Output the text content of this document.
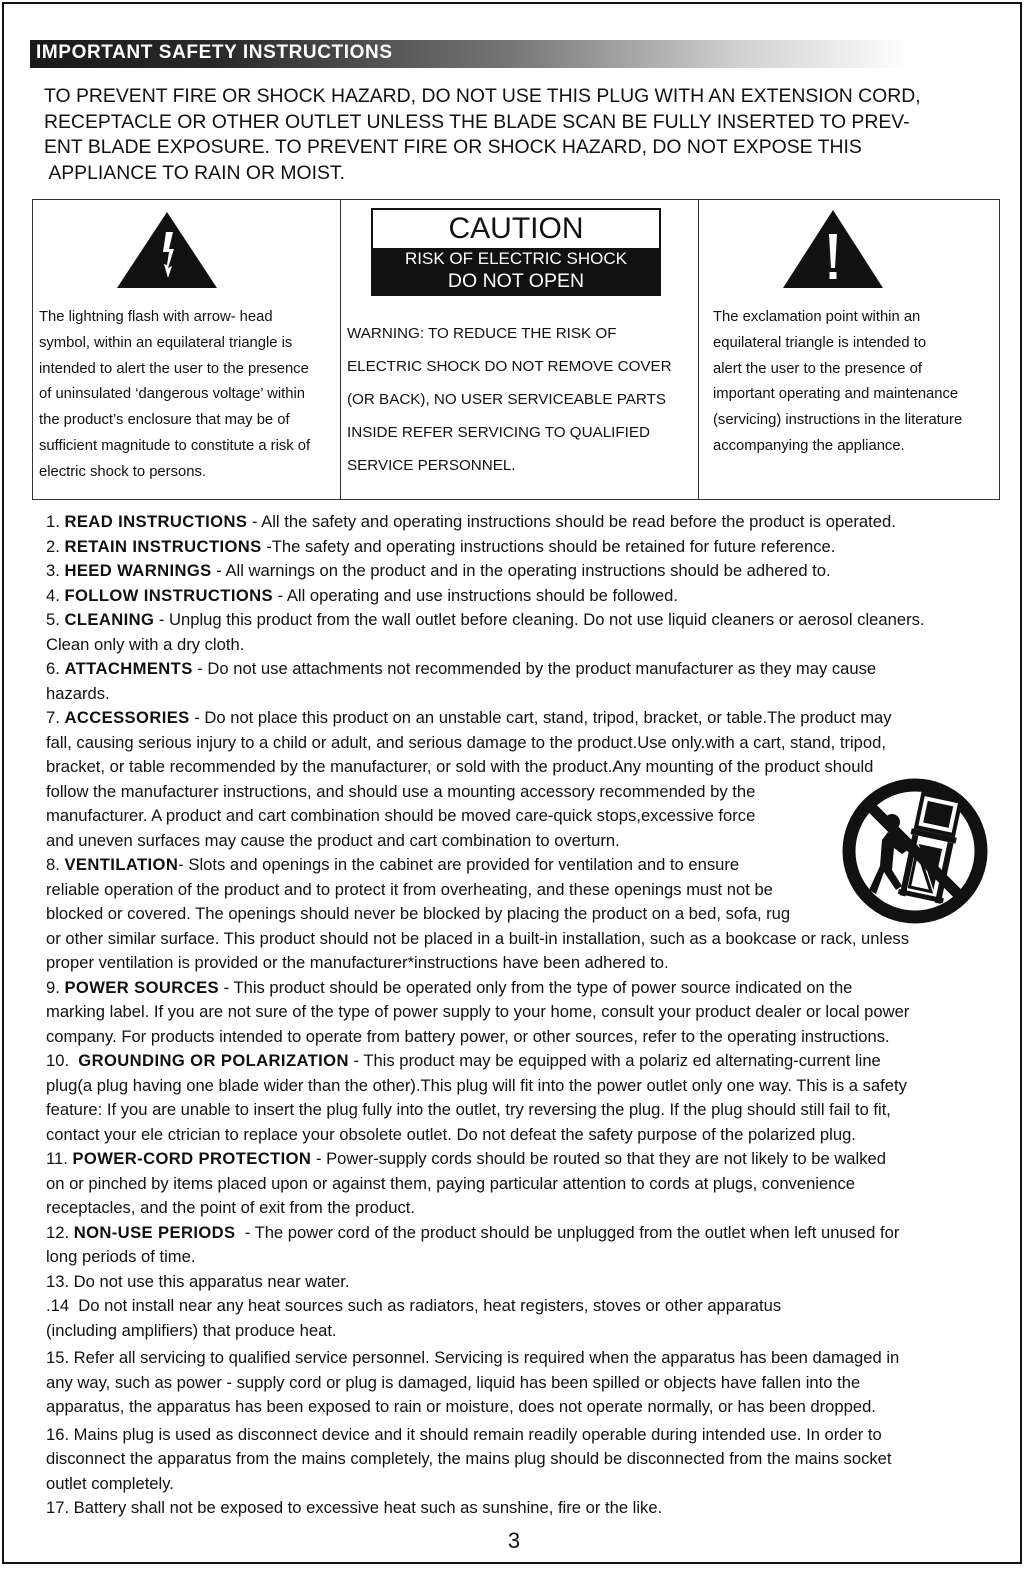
IMPORTANT SAFETY INSTRUCTIONS
TO PREVENT FIRE OR SHOCK HAZARD, DO NOT USE THIS PLUG WITH AN EXTENSION CORD,
RECEPTACLE OR OTHER OUTLET UNLESS THE BLADE SCAN BE FULLY INSERTED TO PREV-
ENT BLADE EXPOSURE. TO PREVENT FIRE OR SHOCK HAZARD, DO NOT EXPOSE THIS
APPLIANCE TO RAIN OR MOIST.
The lightning flash with arrow- head
symbol, within an equilateral triangle is
intended to alert the user to the presence
of uninsulated ‘dangerous voltage’ within
the product’s enclosure that may be of
sufficient magnitude to constitute a risk of
electric shock to persons.
CAUTION
RISK OF ELECTRIC SHOCK
DO NOT OPEN
WARNING: TO REDUCE THE RISK OF
ELECTRIC SHOCK DO NOT REMOVE COVER
(OR BACK), NO USER SERVICEABLE PARTS
INSIDE REFER SERVICING TO QUALIFIED
SERVICE PERSONNEL.
The exclamation point within an
equilateral triangle is intended to
alert the user to the presence of
important operating and maintenance
(servicing) instructions in the literature
accompanying the appliance.
1. READ INSTRUCTIONS - All the safety and operating instructions should be read before the product is operated.
2. RETAIN INSTRUCTIONS -The safety and operating instructions should be retained for future reference.
3. HEED WARNINGS - All warnings on the product and in the operating instructions should be adhered to.
4. FOLLOW INSTRUCTIONS - All operating and use instructions should be followed.
5. CLEANING - Unplug this product from the wall outlet before cleaning. Do not use liquid cleaners or aerosol cleaners.
Clean only with a dry cloth.
6. ATTACHMENTS - Do not use attachments not recommended by the product manufacturer as they may cause
hazards.
7. ACCESSORIES - Do not place this product on an unstable cart, stand, tripod, bracket, or table.The product may
fall, causing serious injury to a child or adult, and serious damage to the product.Use only.with a cart, stand, tripod,
bracket, or table recommended by the manufacturer, or sold with the product.Any mounting of the product should
follow the manufacturer instructions, and should use a mounting accessory recommended by the
manufacturer. A product and cart combination should be moved care-quick stops,excessive force
and uneven surfaces may cause the product and cart combination to overturn.
8. VENTILATION- Slots and openings in the cabinet are provided for ventilation and to ensure
reliable operation of the product and to protect it from overheating, and these openings must not be
blocked or covered. The openings should never be blocked by placing the product on a bed, sofa, rug
or other similar surface. This product should not be placed in a built-in installation, such as a bookcase or rack, unless
proper ventilation is provided or the manufacturer*instructions have been adhered to.
9. POWER SOURCES - This product should be operated only from the type of power source indicated on the
marking label. If you are not sure of the type of power supply to your home, consult your product dealer or local power
company. For products intended to operate from battery power, or other sources, refer to the operating instructions.
10.  GROUNDING OR POLARIZATION - This product may be equipped with a polariz ed alternating-current line
plug(a plug having one blade wider than the other).This plug will fit into the power outlet only one way. This is a safety
feature: If you are unable to insert the plug fully into the outlet, try reversing the plug. If the plug should still fail to fit,
contact your ele ctrician to replace your obsolete outlet. Do not defeat the safety purpose of the polarized plug.
11. POWER-CORD PROTECTION - Power-supply cords should be routed so that they are not likely to be walked
on or pinched by items placed upon or against them, paying particular attention to cords at plugs, convenience
receptacles, and the point of exit from the product.
12. NON-USE PERIODS  - The power cord of the product should be unplugged from the outlet when left unused for
long periods of time.
13. Do not use this apparatus near water.
.14  Do not install near any heat sources such as radiators, heat registers, stoves or other apparatus
(including amplifiers) that produce heat.
15. Refer all servicing to qualified service personnel. Servicing is required when the apparatus has been damaged in
any way, such as power - supply cord or plug is damaged, liquid has been spilled or objects have fallen into the
apparatus, the apparatus has been exposed to rain or moisture, does not operate normally, or has been dropped.
16. Mains plug is used as disconnect device and it should remain readily operable during intended use. In order to
disconnect the apparatus from the mains completely, the mains plug should be disconnected from the mains socket
outlet completely.
17. Battery shall not be exposed to excessive heat such as sunshine, fire or the like.
3
